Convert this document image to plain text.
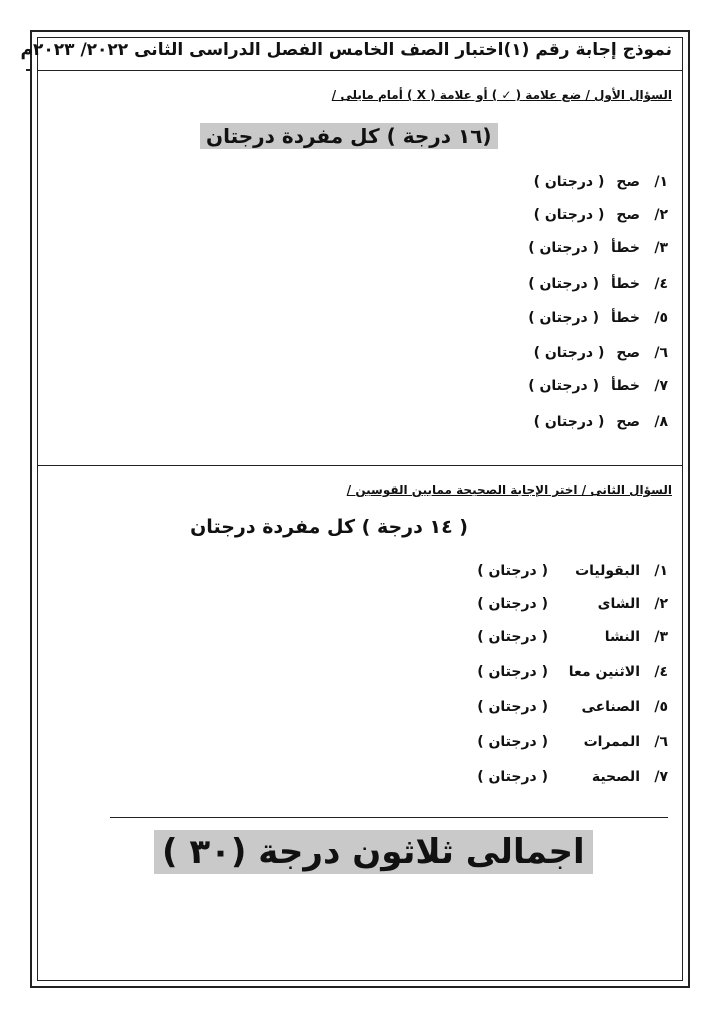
نموذج إجابة رقم (١)اختبار الصف الخامس الفصل الدراسى الثانى ٢٠٢٢/ ٢٠٢٣م
السؤال الأول / ضع علامة ( ✓ ) أو علامة ( X ) أمام مايلى /
(١٦ درجة ) كل مفردة درجتان
١/صح( درجتان )
٢/صح( درجتان )
٣/خطأ( درجتان )
٤/خطأ( درجتان )
٥/خطأ( درجتان )
٦/صح( درجتان )
٧/خطأ( درجتان )
٨/صح( درجتان )
السؤال الثانى / اختر الإجابة الصحيحة ممابين القوسين /
( ١٤ درجة ) كل مفردة درجتان
١/البقوليات( درجتان )
٢/الشاى( درجتان )
٣/النشا( درجتان )
٤/الاثنين معا( درجتان )
٥/الصناعى( درجتان )
٦/الممرات( درجتان )
٧/الصحية( درجتان )
اجمالى ثلاثون درجة (٣٠ )
